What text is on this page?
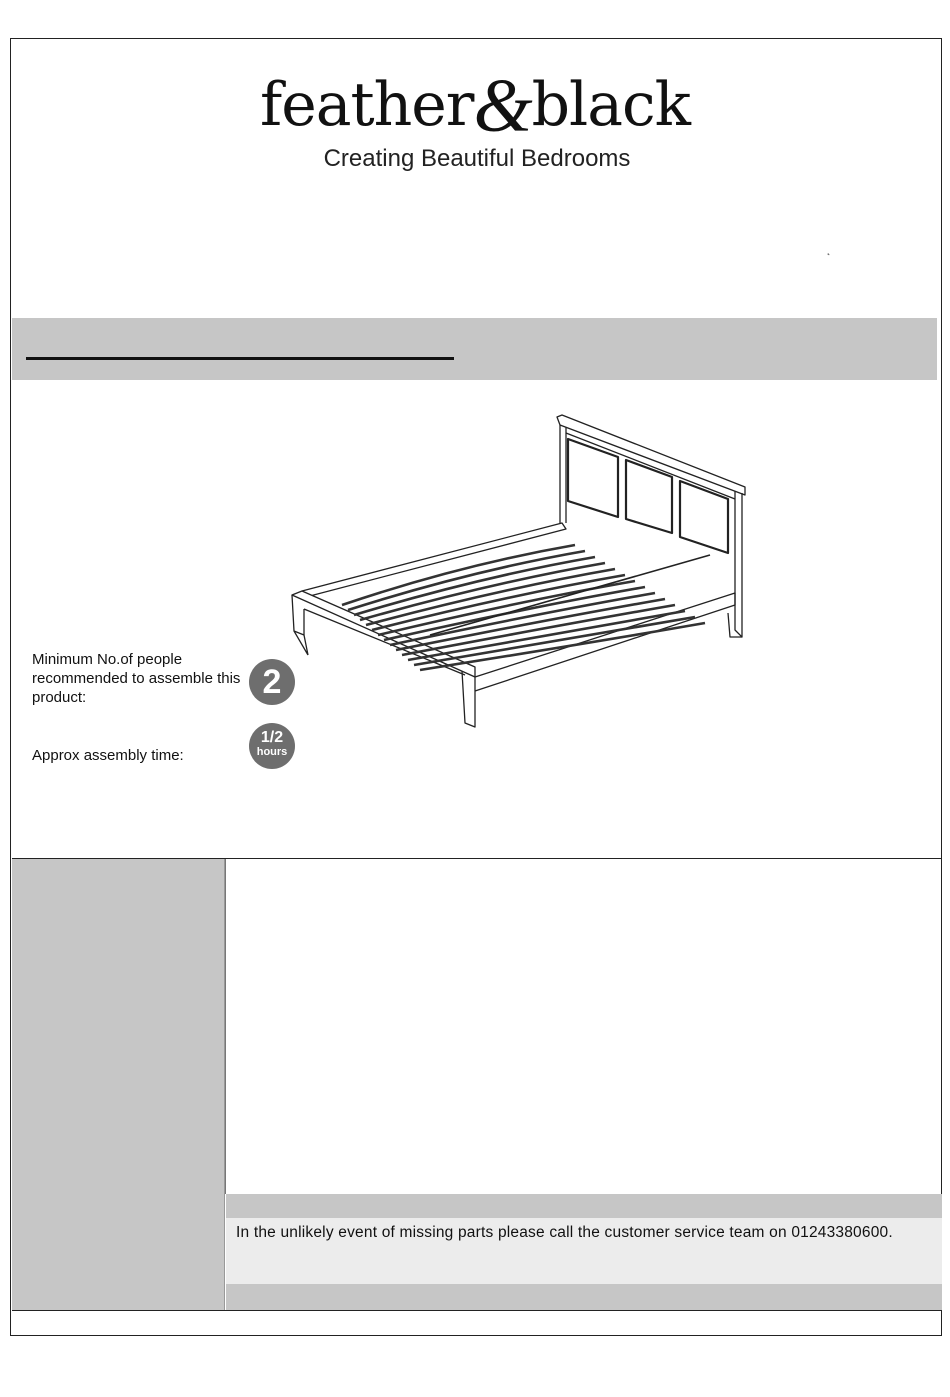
feather&black
Creating Beautiful Bedrooms
˛
Minimum No.of people recommended to assemble this product:	2
Approx assembly time:
1/2
hours
In the unlikely event of missing parts please call the customer service team on 01243380600.
